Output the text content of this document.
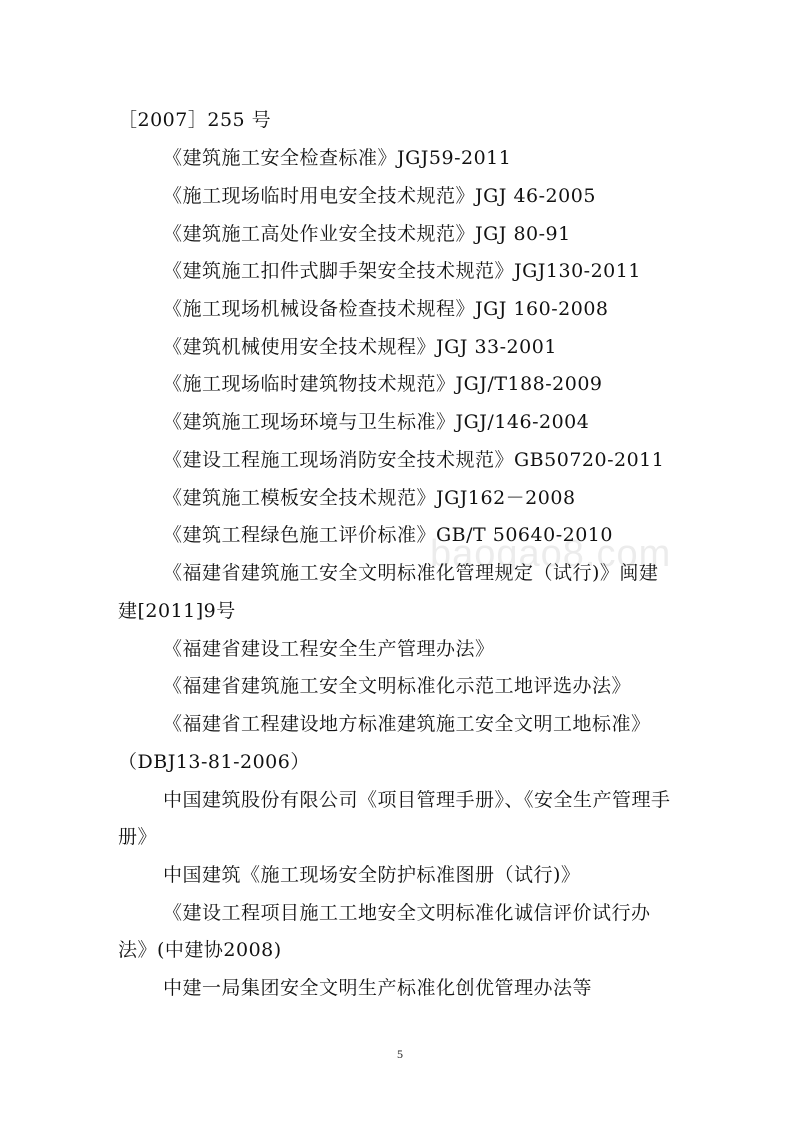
baogao8.com
［2007］255 号
《建筑施工安全检查标准》JGJ59-2011
《施工现场临时用电安全技术规范》JGJ 46-2005
《建筑施工高处作业安全技术规范》JGJ 80-91
《建筑施工扣件式脚手架安全技术规范》JGJ130-2011
《施工现场机械设备检查技术规程》JGJ 160-2008
《建筑机械使用安全技术规程》JGJ 33-2001
《施工现场临时建筑物技术规范》JGJ/T188-2009
《建筑施工现场环境与卫生标准》JGJ/146-2004
《建设工程施工现场消防安全技术规范》GB50720-2011
《建筑施工模板安全技术规范》JGJ162－2008
《建筑工程绿色施工评价标准》GB/T 50640-2010
《福建省建筑施工安全文明标准化管理规定（试行)》闽建
建[2011]9号
《福建省建设工程安全生产管理办法》
《福建省建筑施工安全文明标准化示范工地评选办法》
《福建省工程建设地方标准建筑施工安全文明工地标准》
（DBJ13-81-2006）
中国建筑股份有限公司《项目管理手册》、《安全生产管理手
册》
中国建筑《施工现场安全防护标准图册（试行)》
《建设工程项目施工工地安全文明标准化诚信评价试行办
法》(中建协2008)
中建一局集团安全文明生产标准化创优管理办法等
5
